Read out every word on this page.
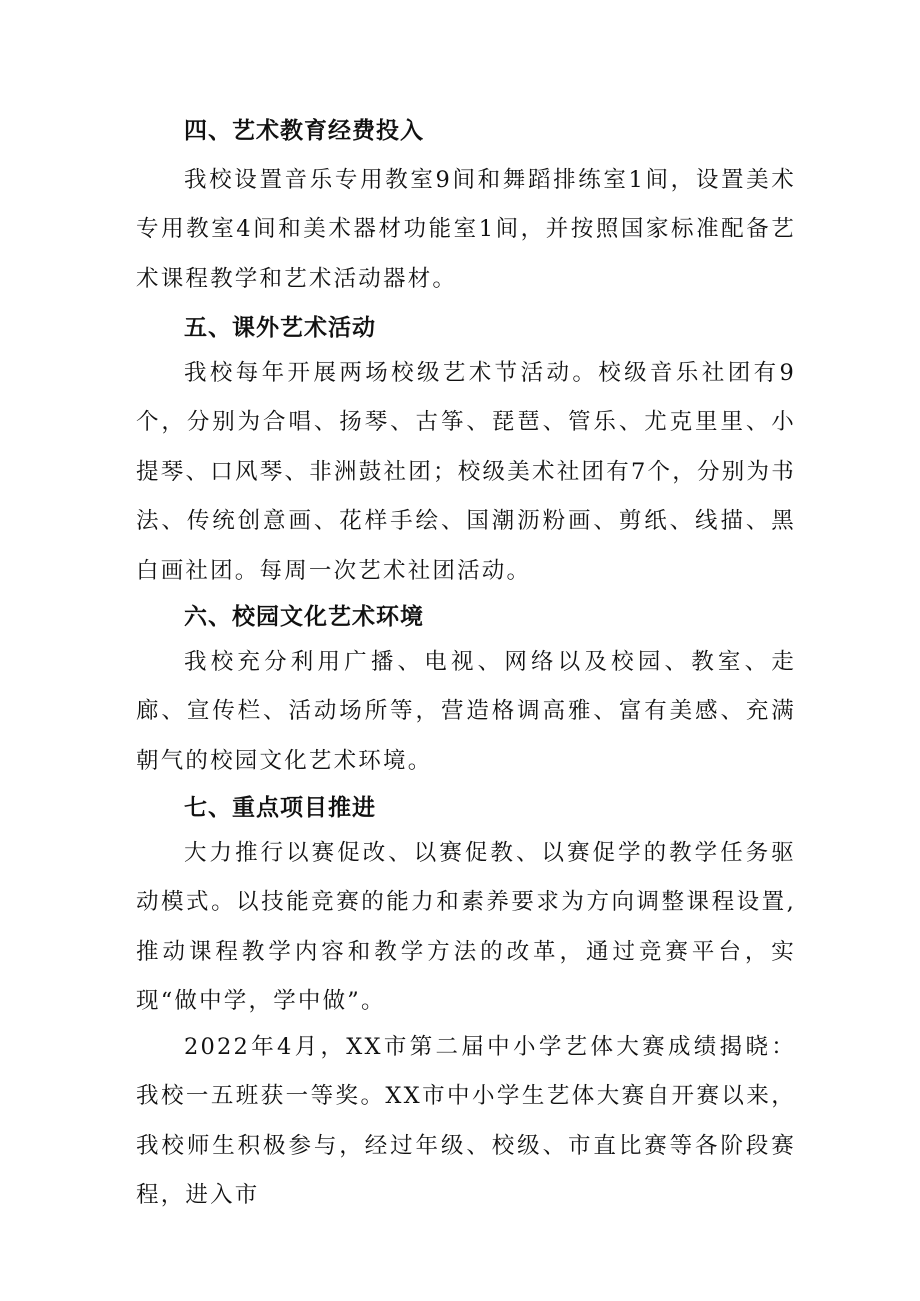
四、艺术教育经费投入
我校设置音乐专用教室9间和舞蹈排练室1间，设置美术专用教室4间和美术器材功能室1间，并按照国家标准配备艺术课程教学和艺术活动器材。
五、课外艺术活动
我校每年开展两场校级艺术节活动。校级音乐社团有9个，分别为合唱、扬琴、古筝、琵琶、管乐、尤克里里、小提琴、口风琴、非洲鼓社团；校级美术社团有7个，分别为书法、传统创意画、花样手绘、国潮沥粉画、剪纸、线描、黑白画社团。每周一次艺术社团活动。
六、校园文化艺术环境
我校充分利用广播、电视、网络以及校园、教室、走廊、宣传栏、活动场所等，营造格调高雅、富有美感、充满朝气的校园文化艺术环境。
七、重点项目推进
大力推行以赛促改、以赛促教、以赛促学的教学任务驱动模式。以技能竞赛的能力和素养要求为方向调整课程设置,推动课程教学内容和教学方法的改革，通过竞赛平台，实现“做中学，学中做”。
2022年4月，XX市第二届中小学艺体大赛成绩揭晓：我校一五班获一等奖。XX市中小学生艺体大赛自开赛以来，我校师生积极参与，经过年级、校级、市直比赛等各阶段赛程，进入市
